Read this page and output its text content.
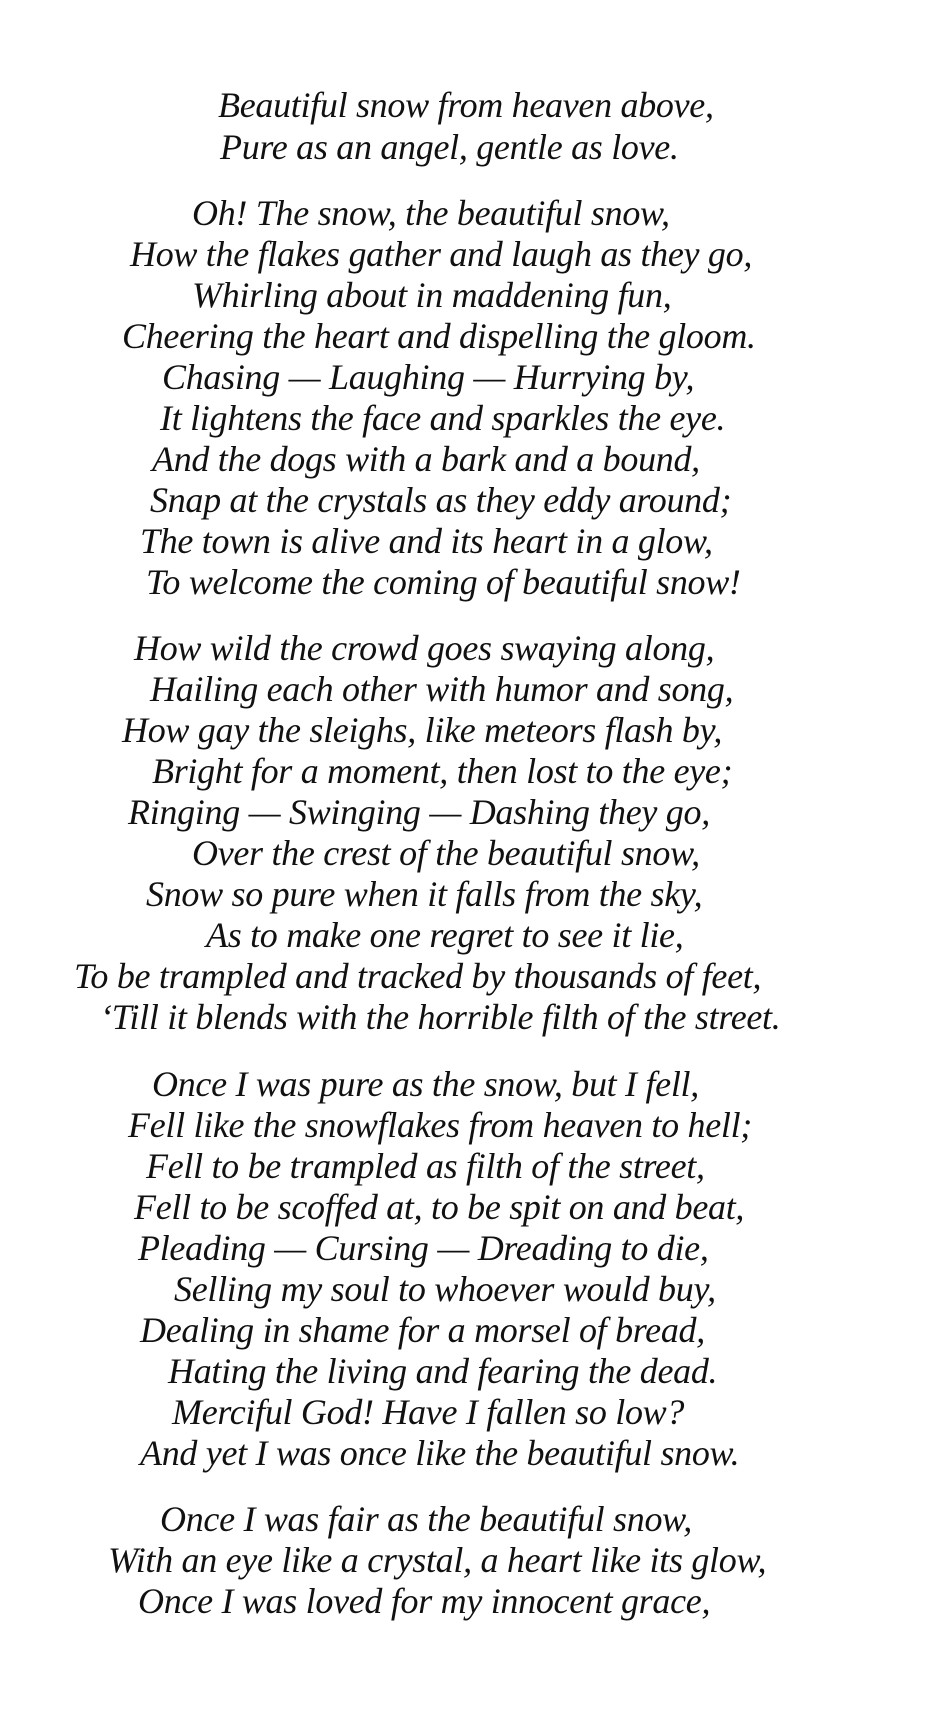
Beautiful snow from heaven above,

Pure as an angel, gentle as love.

Oh! The snow, the beautiful snow,

How the flakes gather and laugh as they go,

Whirling about in maddening fun,

Cheering the heart and dispelling the gloom.

Chasing — Laughing — Hurrying by,

It lightens the face and sparkles the eye.

And the dogs with a bark and a bound,

Snap at the crystals as they eddy around;

The town is alive and its heart in a glow,

To welcome the coming of beautiful snow!

How wild the crowd goes swaying along,

Hailing each other with humor and song,

How gay the sleighs, like meteors flash by,

Bright for a moment, then lost to the eye;

Ringing — Swinging — Dashing they go,

Over the crest of the beautiful snow,

Snow so pure when it falls from the sky,

As to make one regret to see it lie,

To be trampled and tracked by thousands of feet,

‘Till it blends with the horrible filth of the street.

Once I was pure as the snow, but I fell,

Fell like the snowflakes from heaven to hell;

Fell to be trampled as filth of the street,

Fell to be scoffed at, to be spit on and beat,

Pleading — Cursing — Dreading to die,

Selling my soul to whoever would buy,

Dealing in shame for a morsel of bread,

Hating the living and fearing the dead.

Merciful God! Have I fallen so low?

And yet I was once like the beautiful snow.

Once I was fair as the beautiful snow,

With an eye like a crystal, a heart like its glow,

Once I was loved for my innocent grace,
